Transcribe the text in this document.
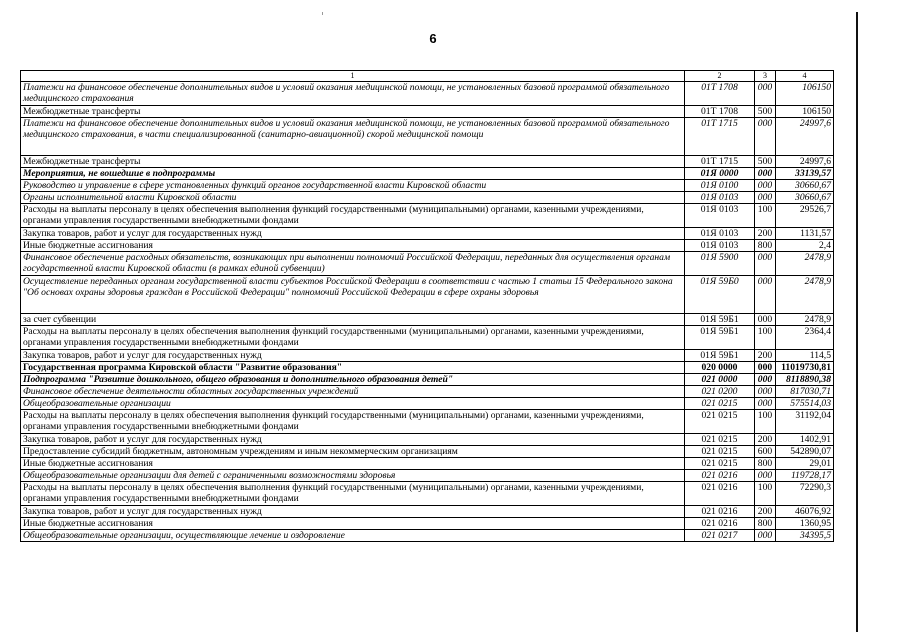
6
1	2	3	4
Платежи на финансовое обеспечение дополнительных видов и условий оказания медицинской помощи, не установленных базовой программой обязательного медицинского страхования	01Т 1708	000	106150
Межбюджетные трансферты	01Т 1708	500	106150
Платежи на финансовое обеспечение дополнительных видов и условий оказания медицинской помощи, не установленных базовой программой обязательного медицинского страхования, в части специализированной (санитарно-авиационной) скорой медицинской помощи	01Т 1715	000	24997,6
Межбюджетные трансферты	01Т 1715	500	24997,6
Мероприятия, не вошедшие в подпрограммы	01Я 0000	000	33139,57
Руководство и управление в сфере установленных функций органов государственной власти Кировской области	01Я 0100	000	30660,67
Органы исполнительной власти Кировской области	01Я 0103	000	30660,67
Расходы на выплаты персоналу в целях обеспечения выполнения функций государственными (муниципальными) органами, казенными учреждениями, органами управления государственными внебюджетными фондами	01Я 0103	100	29526,7
Закупка товаров, работ и услуг для государственных нужд	01Я 0103	200	1131,57
Иные бюджетные ассигнования	01Я 0103	800	2,4
Финансовое обеспечение расходных обязательств, возникающих при выполнении полномочий Российской Федерации, переданных для осуществления органам государственной власти Кировской области (в рамках единой субвенции)	01Я 5900	000	2478,9
Осуществление переданных органам государственной власти субъектов Российской Федерации в соответствии с частью 1 статьи 15 Федерального закона "Об основах охраны здоровья граждан в Российской Федерации" полномочий Российской Федерации в сфере охраны здоровья	01Я 59Б0	000	2478,9
за счет субвенции	01Я 59Б1	000	2478,9
Расходы на выплаты персоналу в целях обеспечения выполнения функций государственными (муниципальными) органами, казенными учреждениями, органами управления государственными внебюджетными фондами	01Я 59Б1	100	2364,4
Закупка товаров, работ и услуг для государственных нужд	01Я 59Б1	200	114,5
Государственная программа Кировской области "Развитие образования"	020 0000	000	11019730,81
Подпрограмма "Развитие дошкольного, общего образования и дополнительного образования детей"	021 0000	000	8118890,38
Финансовое обеспечение деятельности областных государственных учреждений	021 0200	000	817030,71
Общеобразовательные организации	021 0215	000	575514,03
Расходы на выплаты персоналу в целях обеспечения выполнения функций государственными (муниципальными) органами, казенными учреждениями, органами управления государственными внебюджетными фондами	021 0215	100	31192,04
Закупка товаров, работ и услуг для государственных нужд	021 0215	200	1402,91
Предоставление субсидий бюджетным, автономным учреждениям и иным некоммерческим организациям	021 0215	600	542890,07
Иные бюджетные ассигнования	021 0215	800	29,01
Общеобразовательные организации для детей с ограниченными возможностями здоровья	021 0216	000	119728,17
Расходы на выплаты персоналу в целях обеспечения выполнения функций государственными (муниципальными) органами, казенными учреждениями, органами управления государственными внебюджетными фондами	021 0216	100	72290,3
Закупка товаров, работ и услуг для государственных нужд	021 0216	200	46076,92
Иные бюджетные ассигнования	021 0216	800	1360,95
Общеобразовательные организации, осуществляющие лечение и оздоровление	021 0217	000	34395,5
